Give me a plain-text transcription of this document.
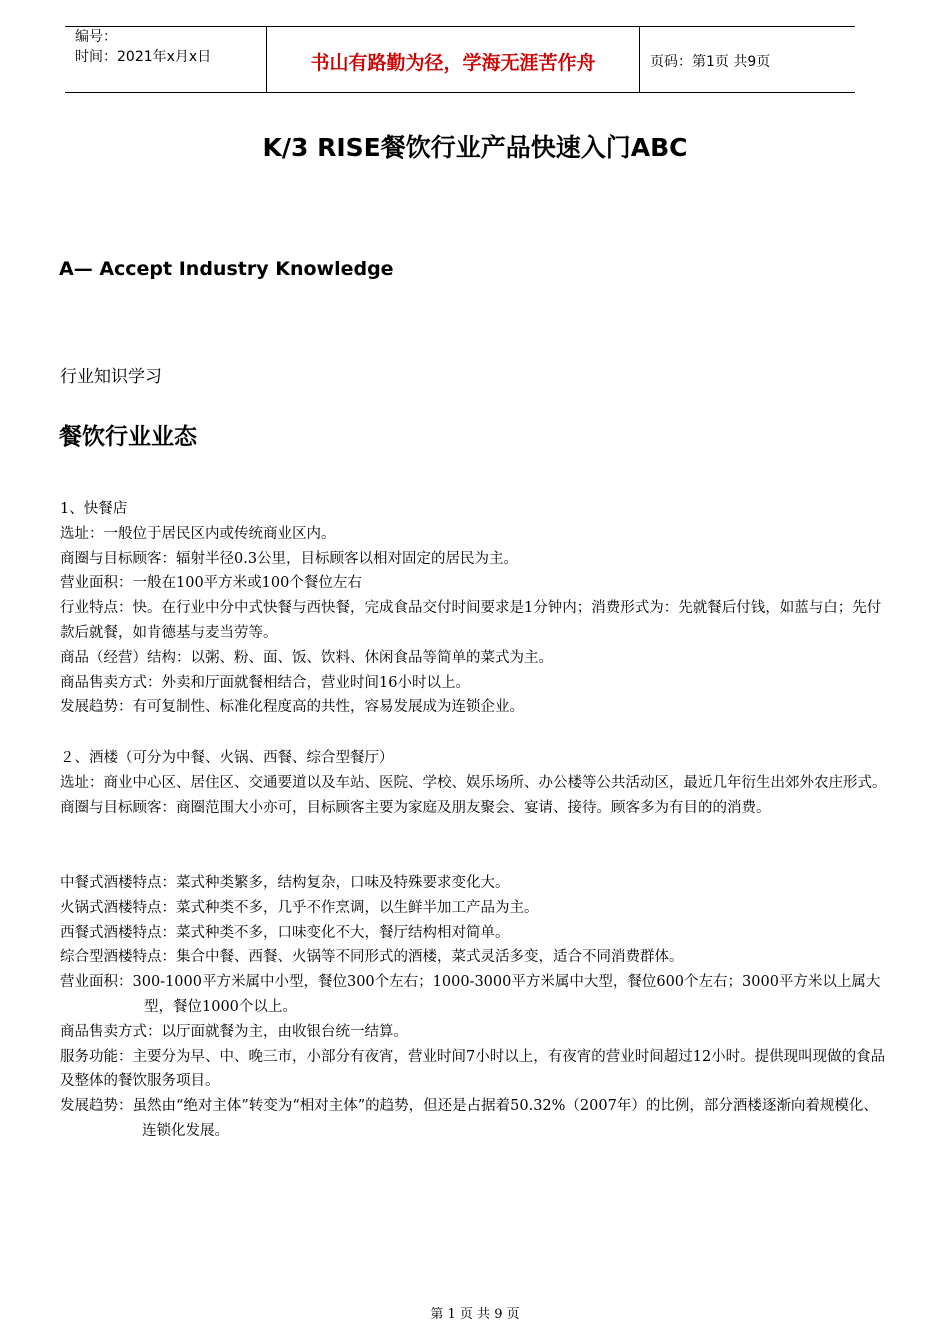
编号：
时间：2021年x月x日	书山有路勤为径，学海无涯苦作舟	页码：第1页 共9页
K/3 RISE餐饮行业产品快速入门ABC
A— Accept Industry Knowledge
行业知识学习
餐饮行业业态

1、快餐店

选址：一般位于居民区内或传统商业区内。

商圈与目标顾客：辐射半径0.3公里，目标顾客以相对固定的居民为主。

营业面积：一般在100平方米或100个餐位左右

行业特点：快。在行业中分中式快餐与西快餐，完成食品交付时间要求是1分钟内；消费形式为：先就餐后付钱，如蓝与白；先付款后就餐，如肯德基与麦当劳等。

商品（经营）结构：以粥、粉、面、饭、饮料、休闲食品等简单的菜式为主。

商品售卖方式：外卖和厅面就餐相结合，营业时间16小时以上。

发展趋势：有可复制性、标准化程度高的共性，容易发展成为连锁企业。

２、酒楼（可分为中餐、火锅、西餐、综合型餐厅）

选址：商业中心区、居住区、交通要道以及车站、医院、学校、娱乐场所、办公楼等公共活动区，最近几年衍生出郊外农庄形式。

商圈与目标顾客：商圈范围大小亦可，目标顾客主要为家庭及朋友聚会、宴请、接待。顾客多为有目的的消费。

中餐式酒楼特点：菜式种类繁多，结构复杂，口味及特殊要求变化大。

火锅式酒楼特点：菜式种类不多，几乎不作烹调，以生鲜半加工产品为主。

西餐式酒楼特点：菜式种类不多，口味变化不大，餐厅结构相对简单。

综合型酒楼特点：集合中餐、西餐、火锅等不同形式的酒楼，菜式灵活多变，适合不同消费群体。

营业面积：300-1000平方米属中小型，餐位300个左右；1000-3000平方米属中大型，餐位600个左右；3000平方米以上属大型，餐位1000个以上。

商品售卖方式：以厅面就餐为主，由收银台统一结算。

服务功能：主要分为早、中、晚三市，小部分有夜宵，营业时间7小时以上，有夜宵的营业时间超过12小时。提供现叫现做的食品及整体的餐饮服务项目。

发展趋势：虽然由“绝对主体”转变为“相对主体”的趋势，但还是占据着50.32%（2007年）的比例，部分酒楼逐渐向着规模化、连锁化发展。

第 1 页 共 9 页
